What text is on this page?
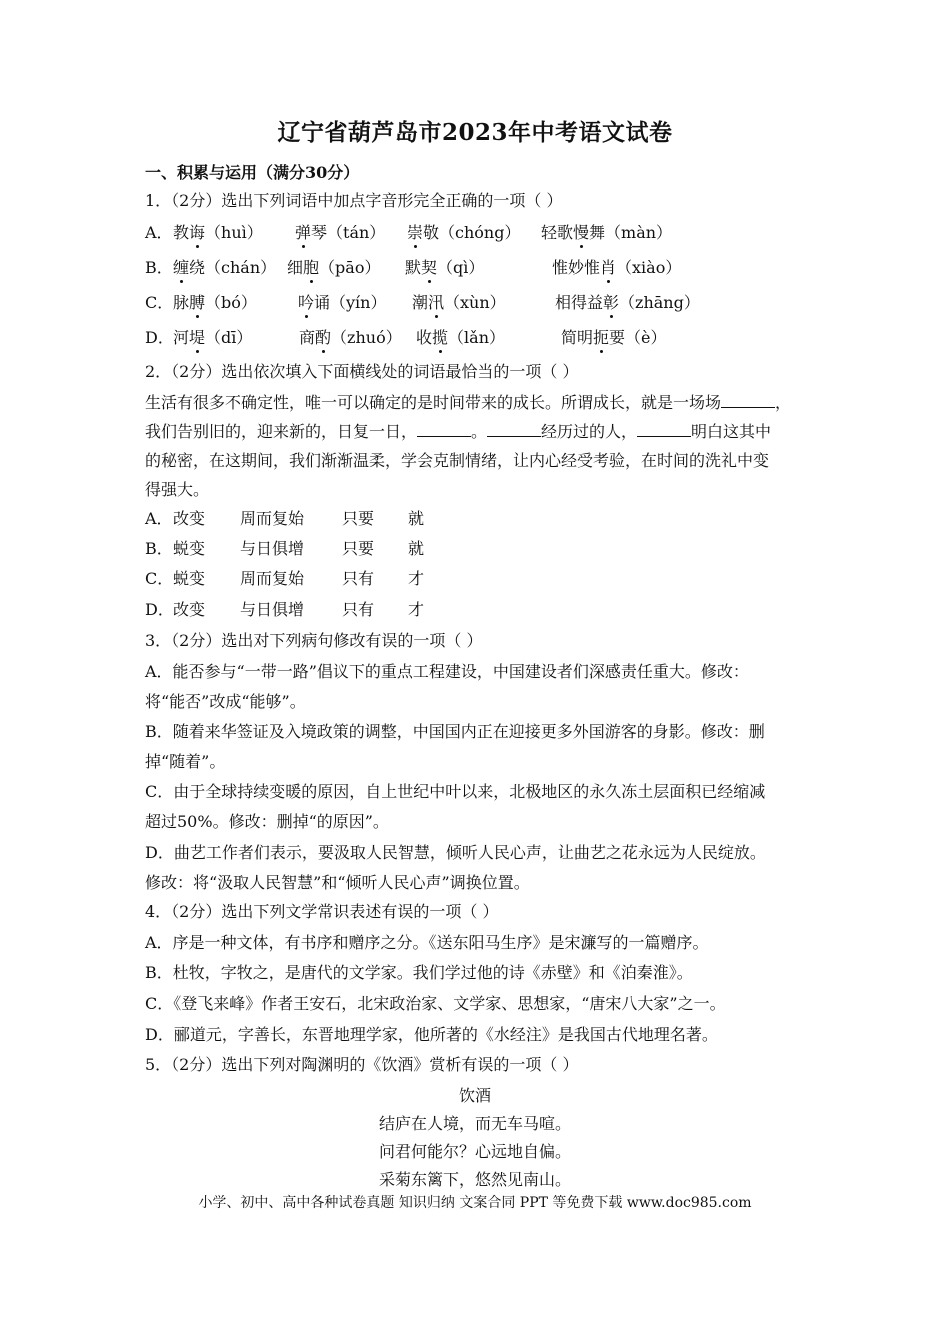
辽宁省葫芦岛市2023年中考语文试卷
一、积累与运用（满分30分）
1．（2分）选出下列词语中加点字音形完全正确的一项（ ）
A． 教诲（huì） 弹琴（tán） 崇敬（chóng） 轻歌慢舞（màn）
B． 缠绕（chán） 细胞（pāo） 默契（qì）	惟妙惟肖（xiào）
C． 脉膊（bó）	吟诵（yín） 潮汛（xùn）	相得益彰（zhāng）
D． 河堤（dī）	商酌（zhuó） 收揽（lǎn）	简明扼要（è）
2．（2分）选出依次填入下面横线处的词语最恰当的一项（ ）
生活有很多不确定性，唯一可以确定的是时间带来的成长。所谓成长，就是一场场	，
我们告别旧的，迎来新的，日复一日，	。	经历过的人，	明白这其中
的秘密，在这期间，我们渐渐温柔，学会克制情绪，让内心经受考验，在时间的洗礼中变
得强大。
A． 改变 周而复始 只要 就
B． 蜕变 与日俱增 只要 就
C． 蜕变 周而复始 只有 才
D． 改变 与日俱增 只有 才
3．（2分）选出对下列病句修改有误的一项（ ）
A．能否参与“一带一路”倡议下的重点工程建设，中国建设者们深感责任重大。修改：
将“能否”改成“能够”。
B．随着来华签证及入境政策的调整，中国国内正在迎接更多外国游客的身影。修改：删
掉“随着”。
C．由于全球持续变暖的原因，自上世纪中叶以来，北极地区的永久冻土层面积已经缩减
超过50%。修改：删掉“的原因”。
D．曲艺工作者们表示，要汲取人民智慧，倾听人民心声，让曲艺之花永远为人民绽放。
修改：将“汲取人民智慧”和“倾听人民心声”调换位置。
4．（2分）选出下列文学常识表述有误的一项（ ）
A．序是一种文体，有书序和赠序之分。《送东阳马生序》是宋濂写的一篇赠序。
B．杜牧，字牧之，是唐代的文学家。我们学过他的诗《赤壁》和《泊秦淮》。
C．《登飞来峰》作者王安石，北宋政治家、文学家、思想家，“唐宋八大家”之一。
D．郦道元，字善长，东晋地理学家，他所著的《水经注》是我国古代地理名著。
5．（2分）选出下列对陶渊明的《饮酒》赏析有误的一项（ ）
饮酒
结庐在人境，而无车马喧。
问君何能尔？心远地自偏。
采菊东篱下，悠然见南山。
小学、初中、高中各种试卷真题 知识归纳 文案合同 PPT 等免费下载 www.doc985.com
